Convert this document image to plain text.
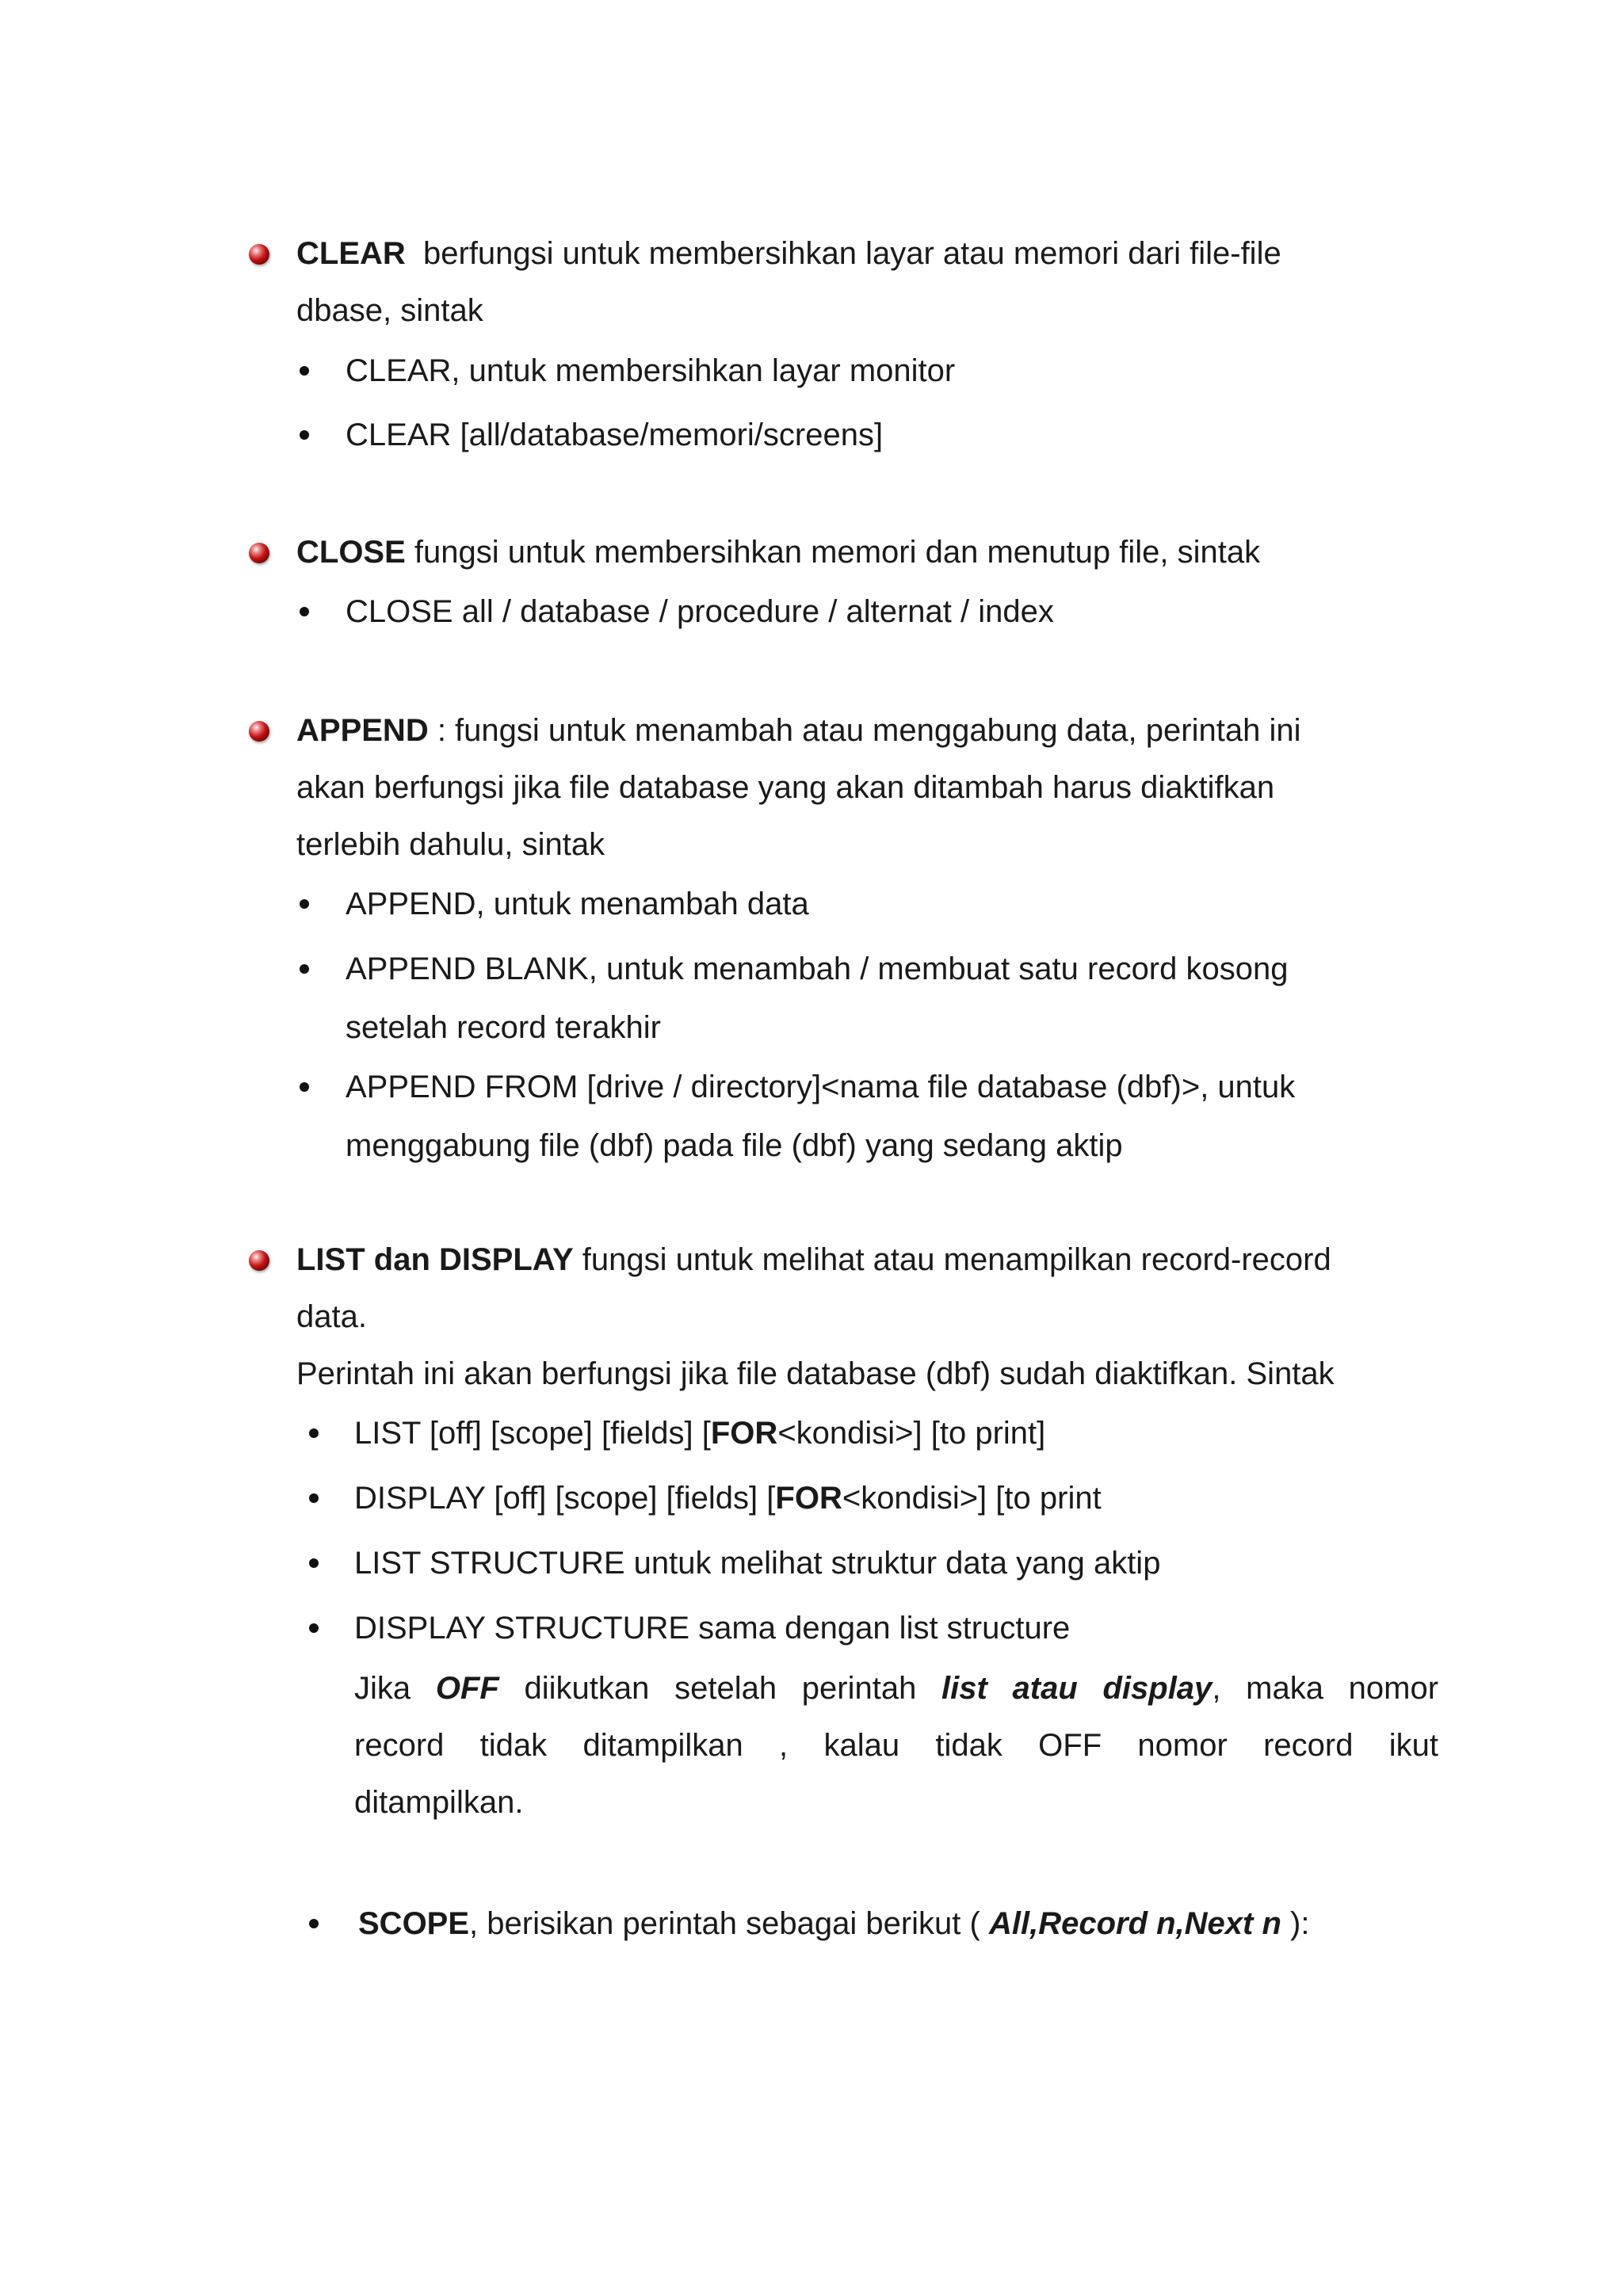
CLEAR  berfungsi untuk membersihkan layar atau memori dari file-file
dbase, sintak
CLEAR, untuk membersihkan layar monitor
CLEAR [all/database/memori/screens]
CLOSE fungsi untuk membersihkan memori dan menutup file, sintak
CLOSE all / database / procedure / alternat / index
APPEND : fungsi untuk menambah atau menggabung data, perintah ini
akan berfungsi jika file database yang akan ditambah harus diaktifkan
terlebih dahulu, sintak
APPEND, untuk menambah data
APPEND BLANK, untuk menambah / membuat satu record kosong
setelah record terakhir
APPEND FROM [drive / directory]<nama file database (dbf)>, untuk
menggabung file (dbf) pada file (dbf) yang sedang aktip
LIST dan DISPLAY fungsi untuk melihat atau menampilkan record-record
data.
Perintah ini akan berfungsi jika file database (dbf) sudah diaktifkan. Sintak
LIST [off] [scope] [fields] [FOR<kondisi>] [to print]
DISPLAY [off] [scope] [fields] [FOR<kondisi>] [to print
LIST STRUCTURE untuk melihat struktur data yang aktip
DISPLAY STRUCTURE sama dengan list structure
Jika OFF diikutkan setelah perintah list atau display, maka nomor
record tidak ditampilkan , kalau tidak OFF nomor record ikut
ditampilkan.
SCOPE, berisikan perintah sebagai berikut ( All,Record n,Next n ):
